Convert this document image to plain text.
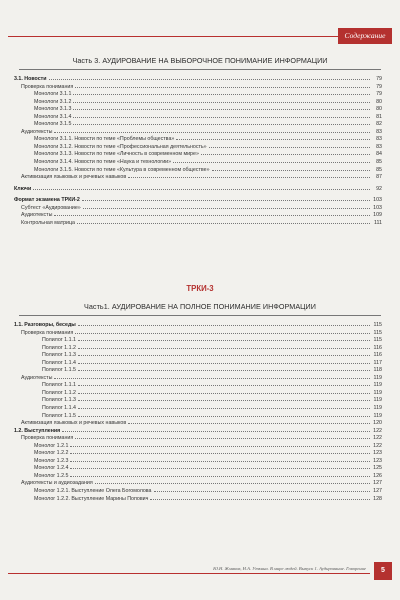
Содержание
Часть 3. АУДИРОВАНИЕ НА ВЫБОРОЧНОЕ ПОНИМАНИЕ ИНФОРМАЦИИ
3.1. Новости	79
Проверка понимания	79
Монологи 3.1.1	79
Монологи 3.1.2	80
Монологи 3.1.3	80
Монологи 3.1.4	81
Монологи 3.1.5	82
Аудиотексты	83
Монологи 3.1.1. Новости по теме «Проблемы общества»	83
Монологи 3.1.2. Новости по теме «Профессиональная деятельность»	83
Монологи 3.1.3. Новости по теме «Личность в современном мире»	84
Монологи 3.1.4. Новости по теме «Наука и технологии»	85
Монологи 3.1.5. Новости по теме «Культура в современном обществе»	85
Активизация языковых и речевых навыков	87
Ключи	92
Формат экзамена ТРКИ-2	103
Субтест «Аудирование»	103
Аудиотексты	109
Контрольная матрица	111
ТРКИ-3
Часть1. АУДИРОВАНИЕ НА ПОЛНОЕ ПОНИМАНИЕ ИНФОРМАЦИИ
1.1. Разговоры, беседы	115
Проверка понимания	115
Полилог 1.1.1	115
Полилог 1.1.2	116
Полилог 1.1.3	116
Полилог 1.1.4	117
Полилог 1.1.5	118
Аудиотексты	119
Полилог 1.1.1	119
Полилог 1.1.2	119
Полилог 1.1.3	119
Полилог 1.1.4	119
Полилог 1.1.5	119
Активизация языковых и речевых навыков	120
1.2. Выступления	122
Проверка понимания	122
Монолог 1.2.1	122
Монолог 1.2.2	123
Монолог 1.2.3	123
Монолог 1.2.4	125
Монолог 1.2.5	126
Аудиотексты и аудиозадания	127
Монолог 1.2.1. Выступление Олега Богомолова	127
Монолог 1.2.2. Выступление Марины Попович	128
Ю.Н. Жмаков, Н.А. Уткина. В мире людей. Выпуск 1. Аудирование. Говорение	5
